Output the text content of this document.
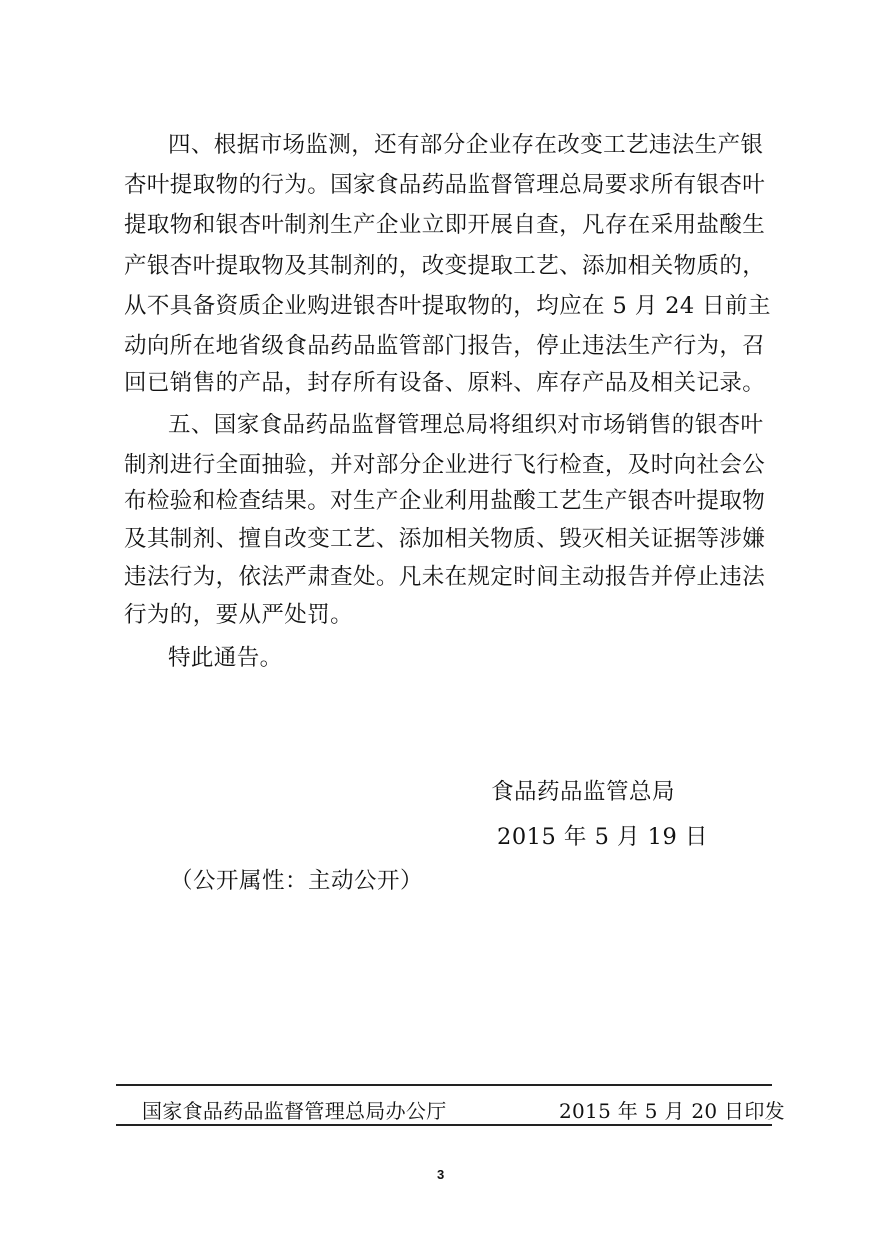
四、根据市场监测，还有部分企业存在改变工艺违法生产银
杏叶提取物的行为。国家食品药品监督管理总局要求所有银杏叶
提取物和银杏叶制剂生产企业立即开展自查，凡存在采用盐酸生
产银杏叶提取物及其制剂的，改变提取工艺、添加相关物质的，
从不具备资质企业购进银杏叶提取物的，均应在 5 月 24 日前主
动向所在地省级食品药品监管部门报告，停止违法生产行为，召
回已销售的产品，封存所有设备、原料、库存产品及相关记录。
五、国家食品药品监督管理总局将组织对市场销售的银杏叶
制剂进行全面抽验，并对部分企业进行飞行检查，及时向社会公
布检验和检查结果。对生产企业利用盐酸工艺生产银杏叶提取物
及其制剂、擅自改变工艺、添加相关物质、毁灭相关证据等涉嫌
违法行为，依法严肃查处。凡未在规定时间主动报告并停止违法
行为的，要从严处罚。
特此通告。
食品药品监管总局
2015 年 5 月 19 日
（公开属性：主动公开）
国家食品药品监督管理总局办公厅	2015 年 5 月 20 日印发
3
